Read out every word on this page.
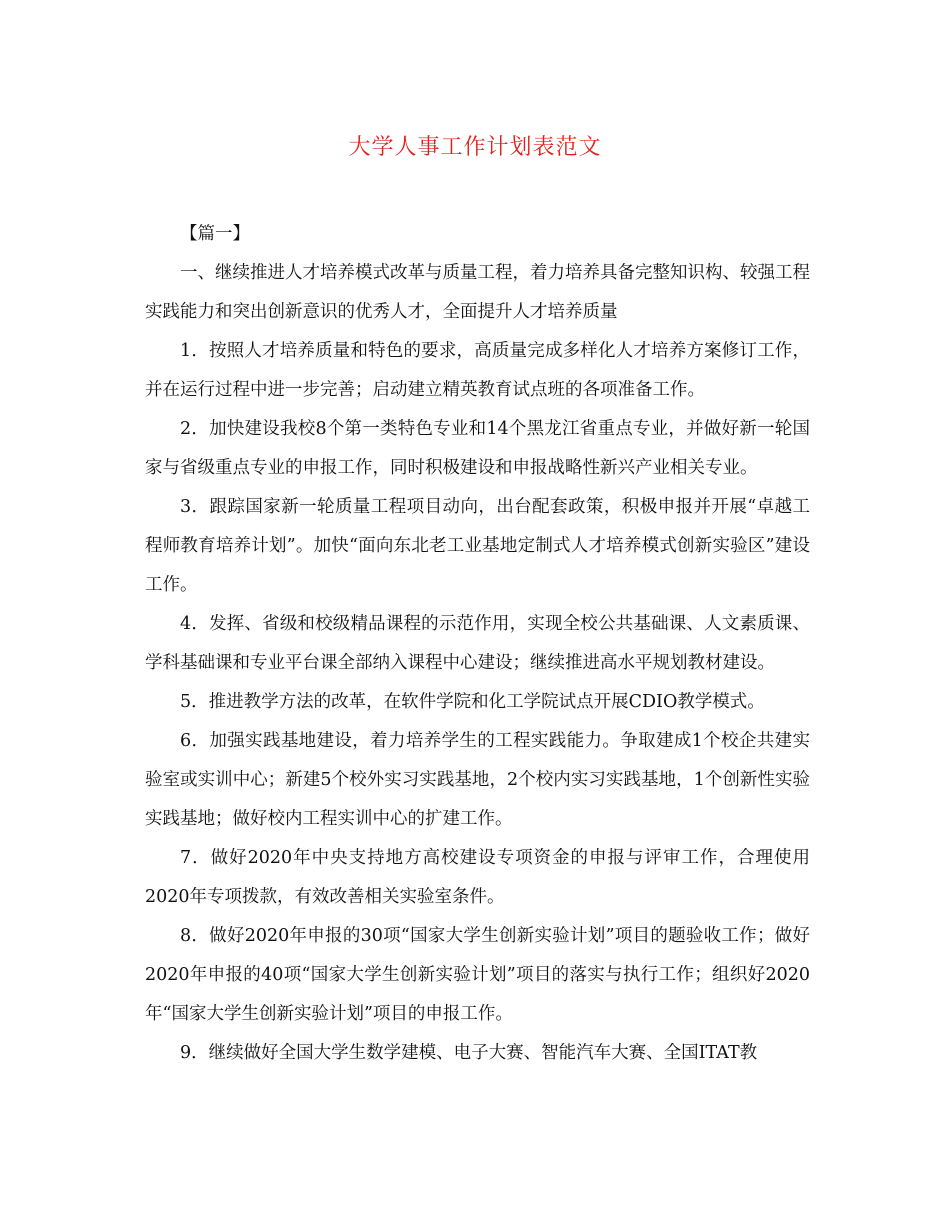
大学人事工作计划表范文

【篇一】

一、继续推进人才培养模式改革与质量工程，着力培养具备完整知识构、较强工程实践能力和突出创新意识的优秀人才，全面提升人才培养质量

1．按照人才培养质量和特色的要求，高质量完成多样化人才培养方案修订工作，并在运行过程中进一步完善；启动建立精英教育试点班的各项准备工作。

2．加快建设我校8个第一类特色专业和14个黑龙江省重点专业，并做好新一轮国家与省级重点专业的申报工作，同时积极建设和申报战略性新兴产业相关专业。

3．跟踪国家新一轮质量工程项目动向，出台配套政策，积极申报并开展“卓越工程师教育培养计划”。加快“面向东北老工业基地定制式人才培养模式创新实验区”建设工作。

4．发挥、省级和校级精品课程的示范作用，实现全校公共基础课、人文素质课、学科基础课和专业平台课全部纳入课程中心建设；继续推进高水平规划教材建设。

5．推进教学方法的改革，在软件学院和化工学院试点开展CDIO教学模式。

6．加强实践基地建设，着力培养学生的工程实践能力。争取建成1个校企共建实验室或实训中心；新建5个校外实习实践基地，2个校内实习实践基地，1个创新性实验实践基地；做好校内工程实训中心的扩建工作。

7．做好2020年中央支持地方高校建设专项资金的申报与评审工作，合理使用2020年专项拨款，有效改善相关实验室条件。

8．做好2020年申报的30项“国家大学生创新实验计划”项目的题验收工作；做好2020年申报的40项“国家大学生创新实验计划”项目的落实与执行工作；组织好2020年“国家大学生创新实验计划”项目的申报工作。

9．继续做好全国大学生数学建模、电子大赛、智能汽车大赛、全国ITAT教
